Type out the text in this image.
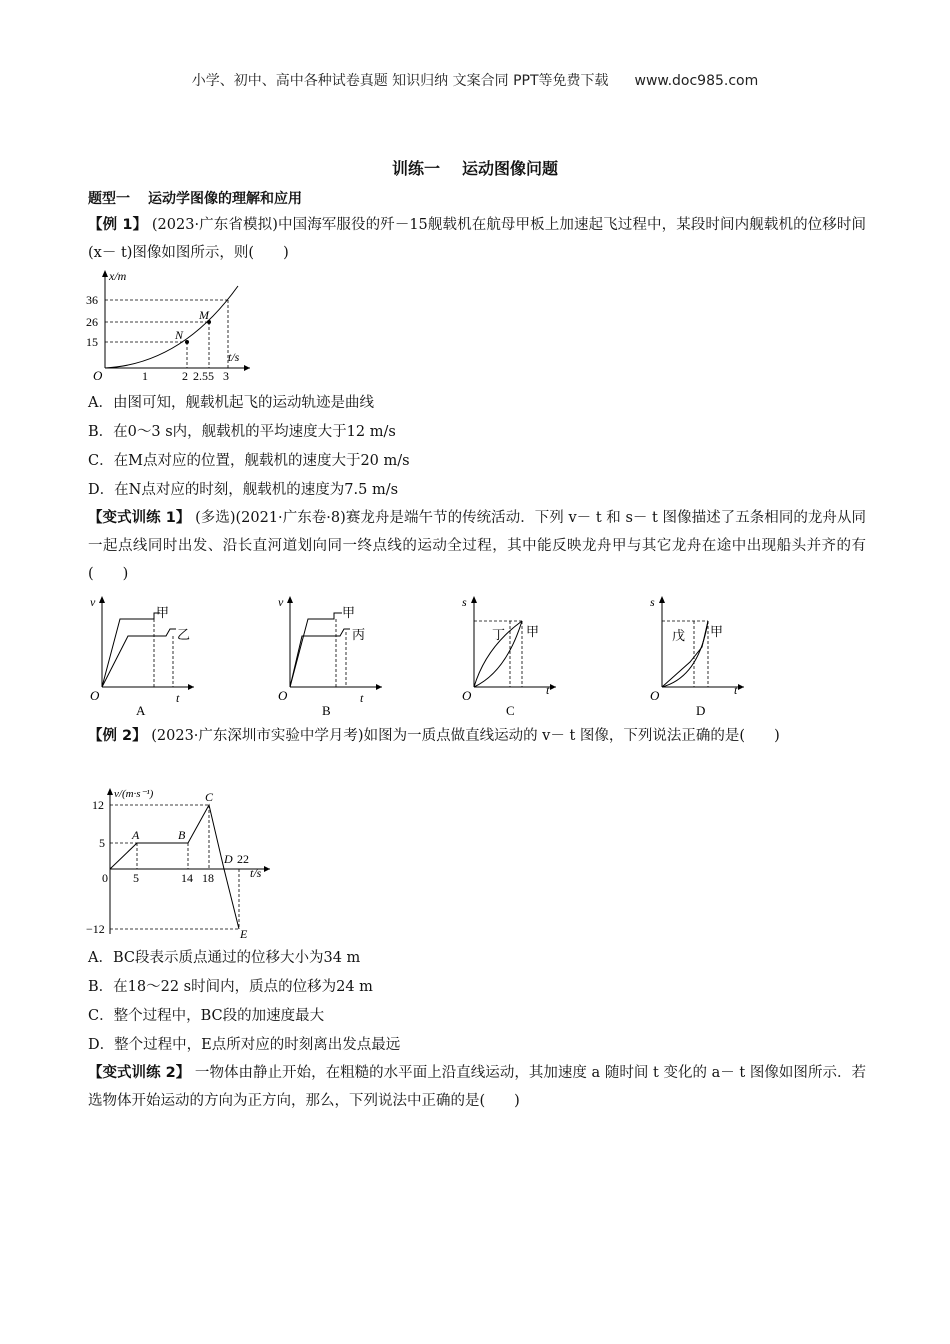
小学、初中、高中各种试卷真题 知识归纳 文案合同 PPT等免费下载 www.doc985.com
训练一 运动图像问题
题型一 运动学图像的理解和应用
【例 1】 (2023·广东省模拟)中国海军服役的歼－15舰载机在航母甲板上加速起飞过程中，某段时间内舰载机的位移时间(x－ t)图像如图所示，则(　　)
x/m
t/s
O
36
26
15
1	2 2.55 3
N
M
A．由图可知，舰载机起飞的运动轨迹是曲线
B．在0～3 s内，舰载机的平均速度大于12 m/s
C．在M点对应的位置，舰载机的速度大于20 m/s
D．在N点对应的时刻，舰载机的速度为7.5 m/s
【变式训练 1】 (多选)(2021·广东卷·8)赛龙舟是端午节的传统活动．下列 v－ t 和 s－ t 图像描述了五条相同的龙舟从同一起点线同时出发、沿长直河道划向同一终点线的运动全过程，其中能反映龙舟甲与其它龙舟在途中出现船头并齐的有(　　)
v
t
O
甲
乙
A
v
t
O
甲
丙
B
s
t
O
丁 甲
C
s
t
O
戊 甲
D
【例 2】 (2023·广东深圳市实验中学月考)如图为一质点做直线运动的 v－ t 图像，下列说法正确的是(　　)
v/(m·s⁻¹)
t/s
0
12
5
−12
5	14 18
22
A	B
C
D
E
A．BC段表示质点通过的位移大小为34 m
B．在18～22 s时间内，质点的位移为24 m
C．整个过程中，BC段的加速度最大
D．整个过程中，E点所对应的时刻离出发点最远
【变式训练 2】 一物体由静止开始，在粗糙的水平面上沿直线运动，其加速度 a 随时间 t 变化的 a－ t 图像如图所示．若选物体开始运动的方向为正方向，那么，下列说法中正确的是(　　)
